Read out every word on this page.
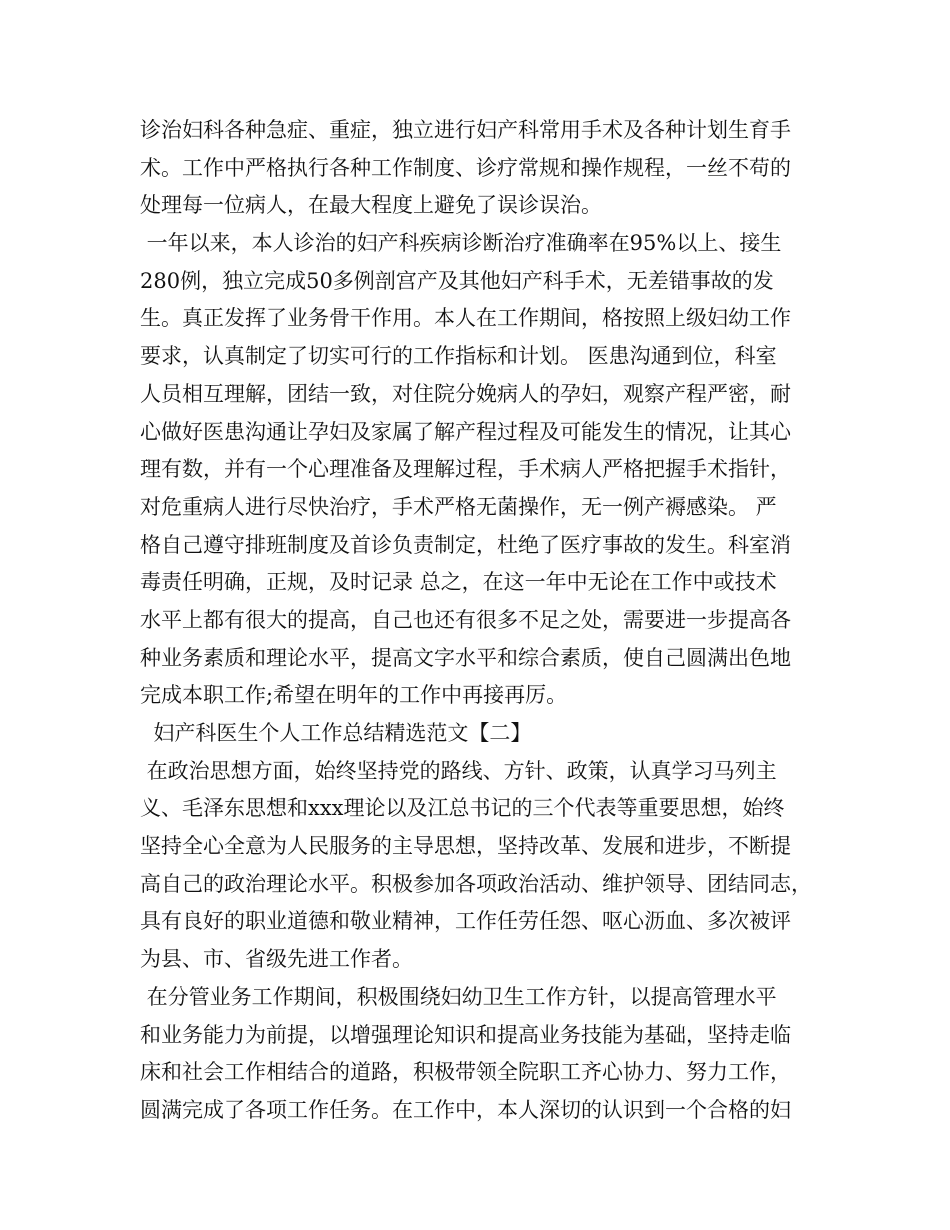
诊治妇科各种急症、重症，独立进行妇产科常用手术及各种计划生育手
术。工作中严格执行各种工作制度、诊疗常规和操作规程，一丝不苟的
处理每一位病人，在最大程度上避免了误诊误治。
一年以来，本人诊治的妇产科疾病诊断治疗准确率在95%以上、接生
280例，独立完成50多例剖宫产及其他妇产科手术，无差错事故的发
生。真正发挥了业务骨干作用。本人在工作期间，格按照上级妇幼工作
要求，认真制定了切实可行的工作指标和计划。 医患沟通到位，科室
人员相互理解，团结一致，对住院分娩病人的孕妇，观察产程严密，耐
心做好医患沟通让孕妇及家属了解产程过程及可能发生的情况，让其心
理有数，并有一个心理准备及理解过程，手术病人严格把握手术指针，
对危重病人进行尽快治疗，手术严格无菌操作，无一例产褥感染。 严
格自己遵守排班制度及首诊负责制定，杜绝了医疗事故的发生。科室消
毒责任明确，正规，及时记录 总之，在这一年中无论在工作中或技术
水平上都有很大的提高，自己也还有很多不足之处，需要进一步提高各
种业务素质和理论水平，提高文字水平和综合素质，使自己圆满出色地
完成本职工作;希望在明年的工作中再接再厉。
妇产科医生个人工作总结精选范文【二】
在政治思想方面，始终坚持党的路线、方针、政策，认真学习马列主
义、毛泽东思想和xxx理论以及江总书记的三个代表等重要思想，始终
坚持全心全意为人民服务的主导思想，坚持改革、发展和进步，不断提
高自己的政治理论水平。积极参加各项政治活动、维护领导、团结同志，
具有良好的职业道德和敬业精神，工作任劳任怨、呕心沥血、多次被评
为县、市、省级先进工作者。
在分管业务工作期间，积极围绕妇幼卫生工作方针，以提高管理水平
和业务能力为前提，以增强理论知识和提高业务技能为基础，坚持走临
床和社会工作相结合的道路，积极带领全院职工齐心协力、努力工作，
圆满完成了各项工作任务。在工作中，本人深切的认识到一个合格的妇
